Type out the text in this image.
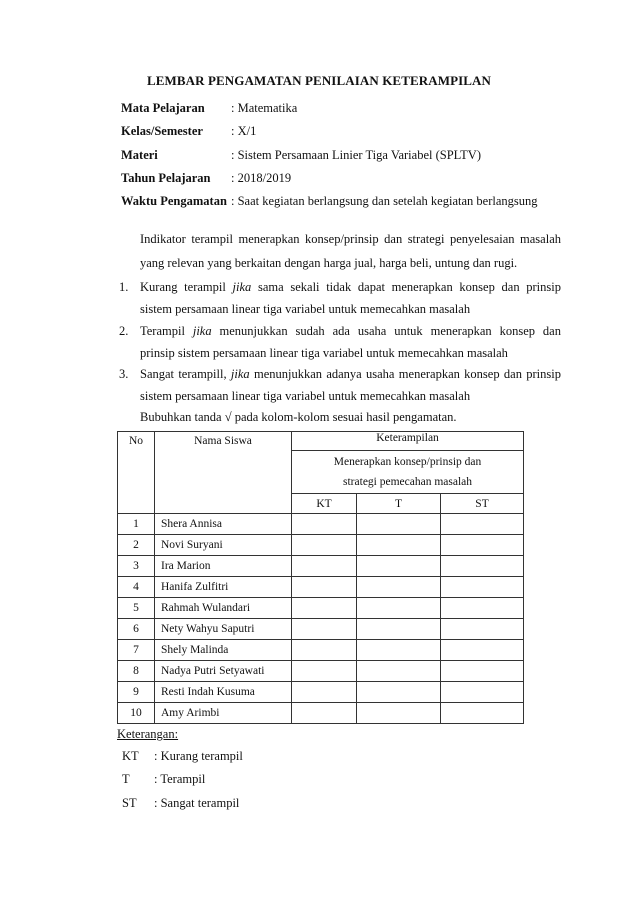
LEMBAR PENGAMATAN PENILAIAN KETERAMPILAN
Mata Pelajaran	: Matematika
Kelas/Semester	: X/1
Materi	: Sistem Persamaan Linier Tiga Variabel (SPLTV)
Tahun Pelajaran	: 2018/2019
Waktu Pengamatan : Saat kegiatan berlangsung dan setelah kegiatan berlangsung
Indikator terampil menerapkan konsep/prinsip dan strategi penyelesaian masalah
yang relevan yang berkaitan dengan harga jual, harga beli, untung dan rugi.
1. Kurang terampil jika sama sekali tidak dapat menerapkan konsep dan prinsip
sistem persamaan linear tiga variabel untuk memecahkan masalah
2. Terampil jika menunjukkan sudah ada usaha untuk menerapkan konsep dan
prinsip sistem persamaan linear tiga variabel untuk memecahkan masalah
3. Sangat terampill, jika menunjukkan adanya usaha menerapkan konsep dan prinsip
sistem persamaan linear tiga variabel untuk memecahkan masalah
Bubuhkan tanda √ pada kolom-kolom sesuai hasil pengamatan.
No	Nama Siswa	Keterampilan		

		Menerapkan konsep/prinsip dan
strategi pemecahan masalah		

		KT	T	ST
1	Shera Annisa			
2	Novi Suryani			
3	Ira Marion			
4	Hanifa Zulfitri			
5	Rahmah Wulandari			
6	Nety Wahyu Saputri			
7	Shely Malinda			
8	Nadya Putri Setyawati			
9	Resti Indah Kusuma			
10	Amy Arimbi			
Keterangan:
KT : Kurang terampil
T : Terampil
ST : Sangat terampil
